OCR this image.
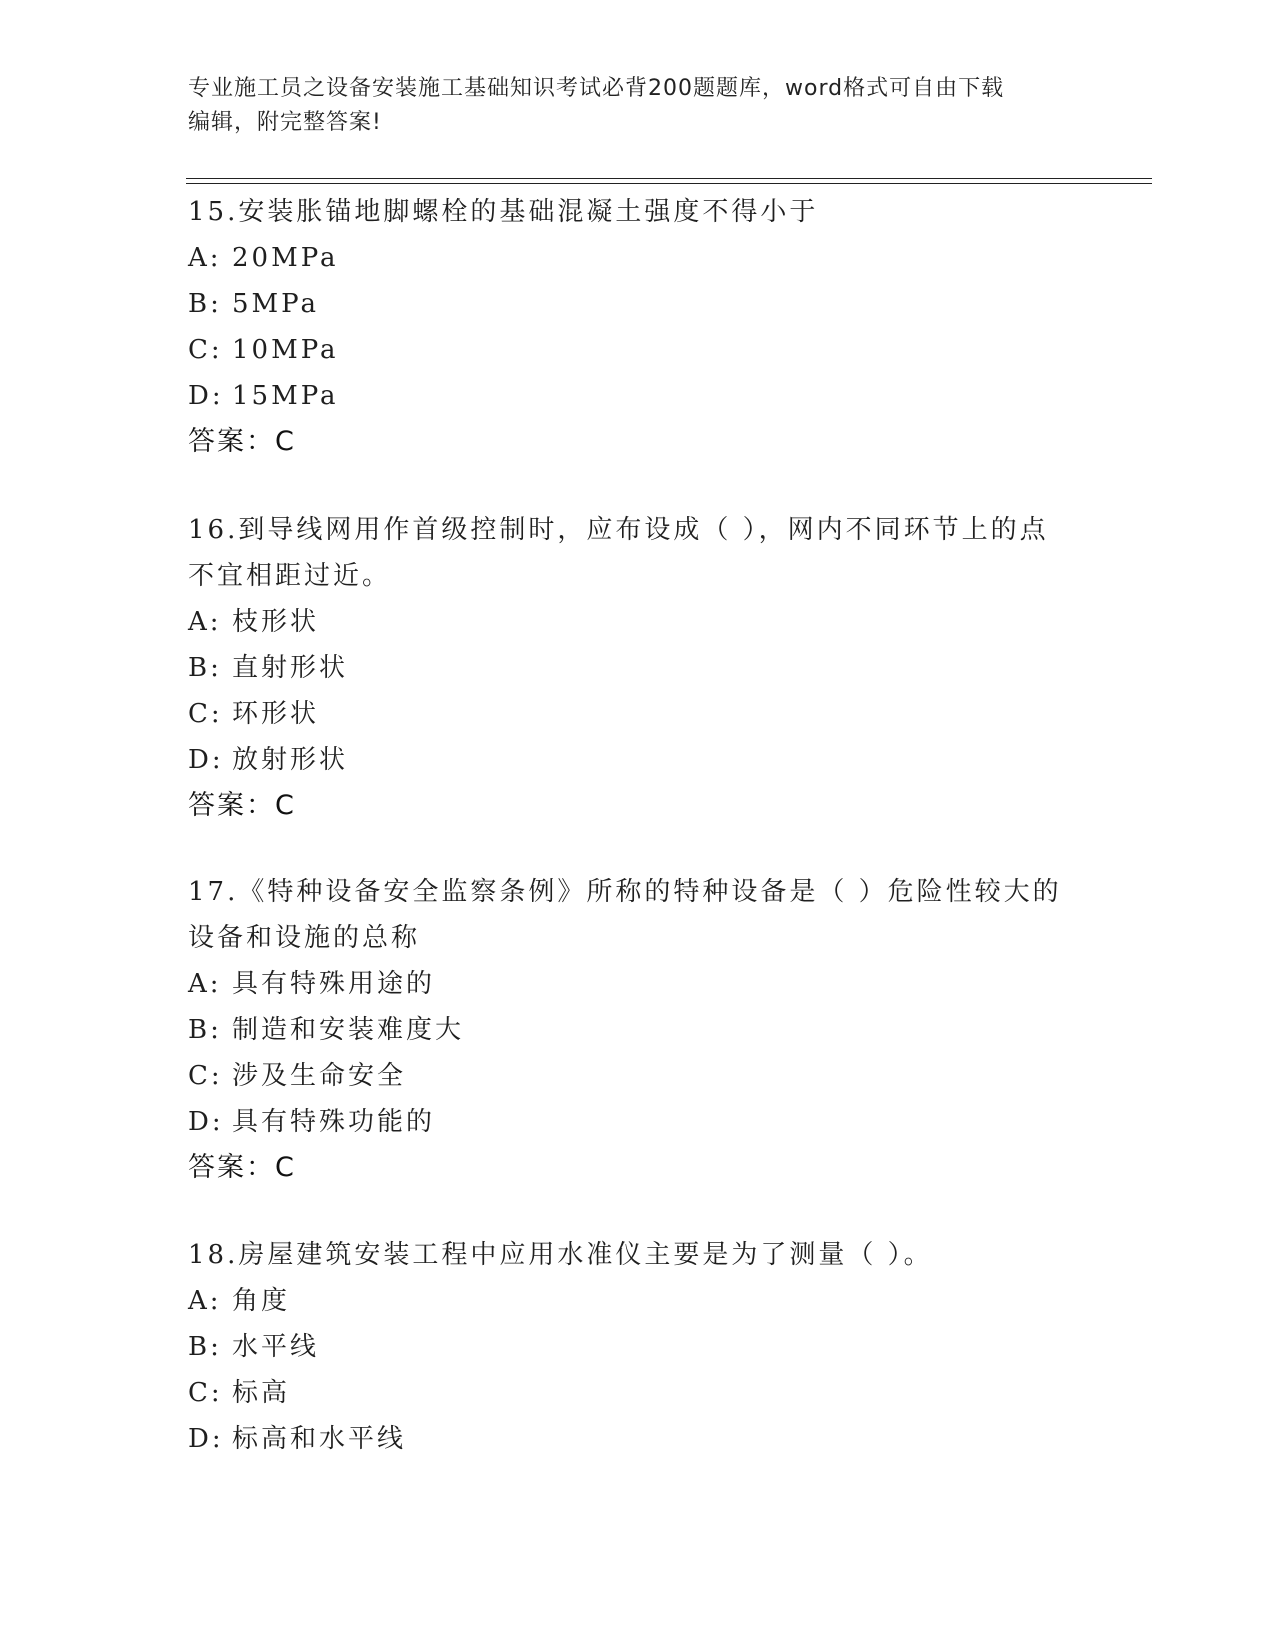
专业施工员之设备安装施工基础知识考试必背200题题库，word格式可自由下载
编辑，附完整答案!

15.安装胀锚地脚螺栓的基础混凝土强度不得小于

A: 20MPa

B: 5MPa

C: 10MPa

D: 15MPa

答案：C

16.到导线网用作首级控制时，应布设成（ ），网内不同环节上的点不宜相距过近。

A: 枝形状

B: 直射形状

C: 环形状

D: 放射形状

答案：C

17.《特种设备安全监察条例》所称的特种设备是（ ）危险性较大的设备和设施的总称

A: 具有特殊用途的

B: 制造和安装难度大

C: 涉及生命安全

D: 具有特殊功能的

答案：C

18.房屋建筑安装工程中应用水准仪主要是为了测量（ ）。

A: 角度

B: 水平线

C: 标高

D: 标高和水平线
